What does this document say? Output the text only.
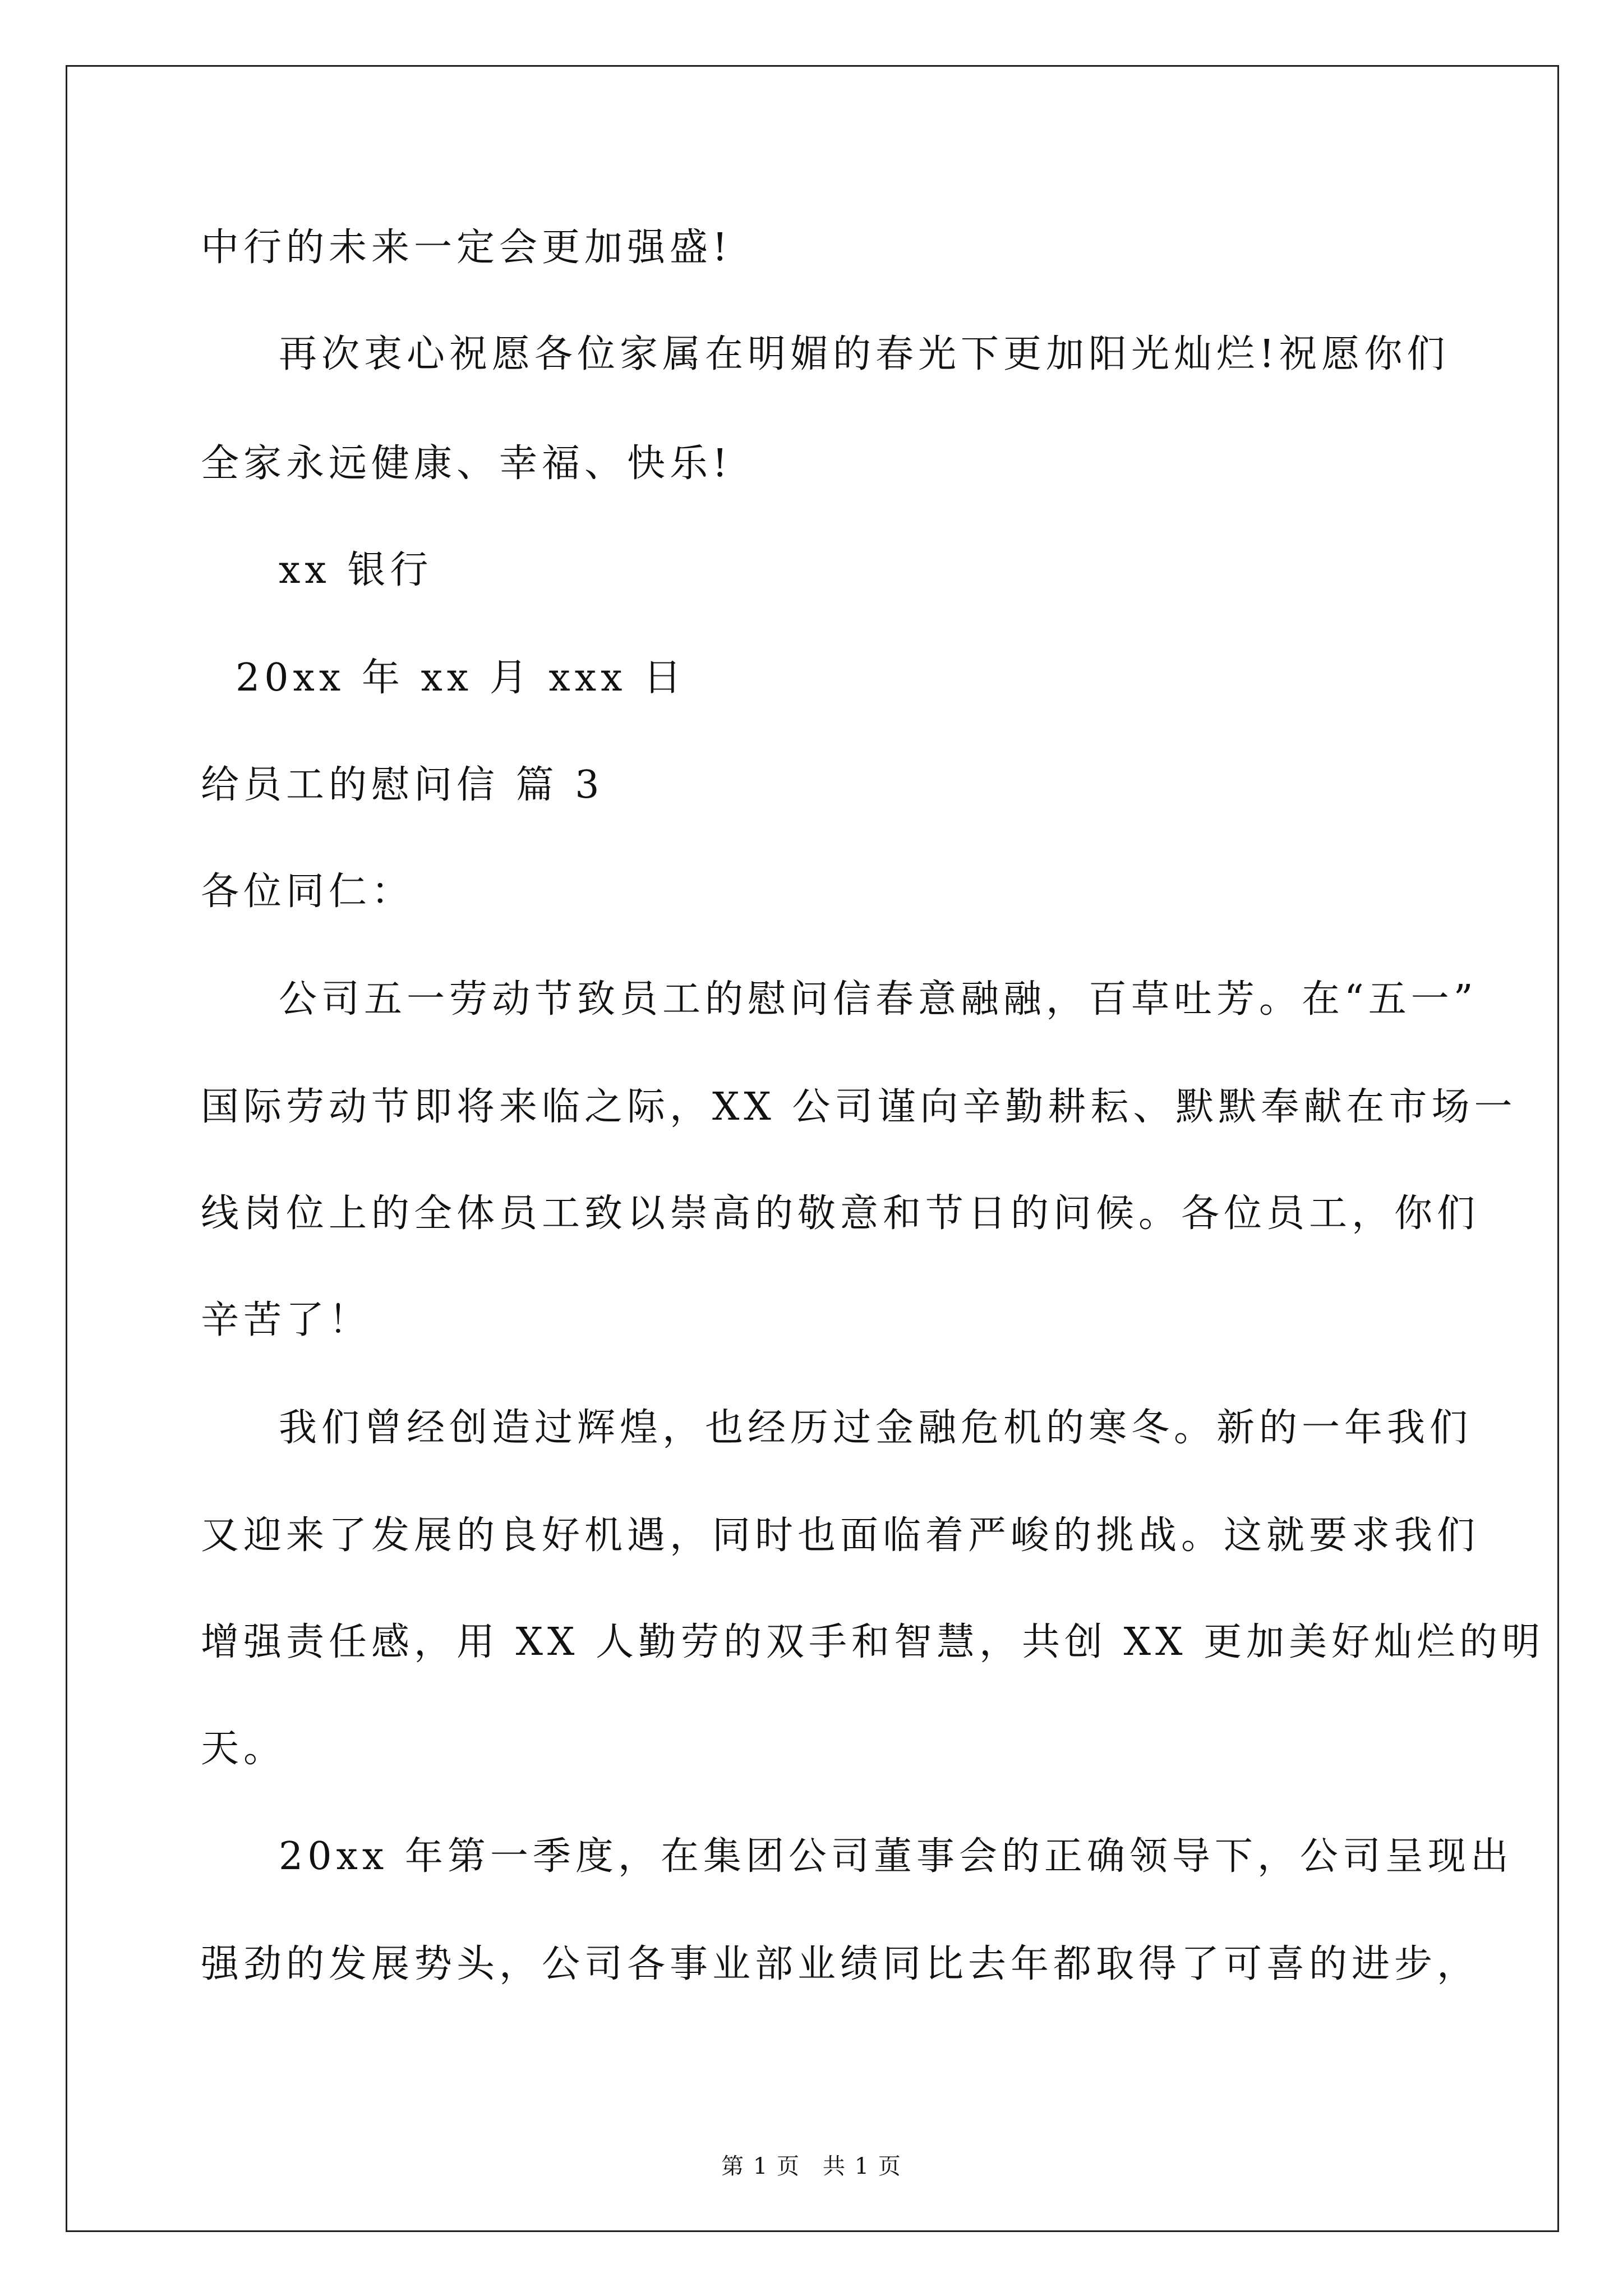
中行的未来一定会更加强盛!
再次衷心祝愿各位家属在明媚的春光下更加阳光灿烂!祝愿你们
全家永远健康、幸福、快乐!
xx 银行
20xx 年 xx 月 xxx 日
给员工的慰问信 篇 3
各位同仁：
公司五一劳动节致员工的慰问信春意融融，百草吐芳。在“五一”
国际劳动节即将来临之际，XX 公司谨向辛勤耕耘、默默奉献在市场一
线岗位上的全体员工致以崇高的敬意和节日的问候。各位员工，你们
辛苦了！
我们曾经创造过辉煌，也经历过金融危机的寒冬。新的一年我们
又迎来了发展的良好机遇，同时也面临着严峻的挑战。这就要求我们
增强责任感，用 XX 人勤劳的双手和智慧，共创 XX 更加美好灿烂的明
天。
20xx 年第一季度，在集团公司董事会的正确领导下，公司呈现出
强劲的发展势头，公司各事业部业绩同比去年都取得了可喜的进步，
第 1 页 共 1 页
